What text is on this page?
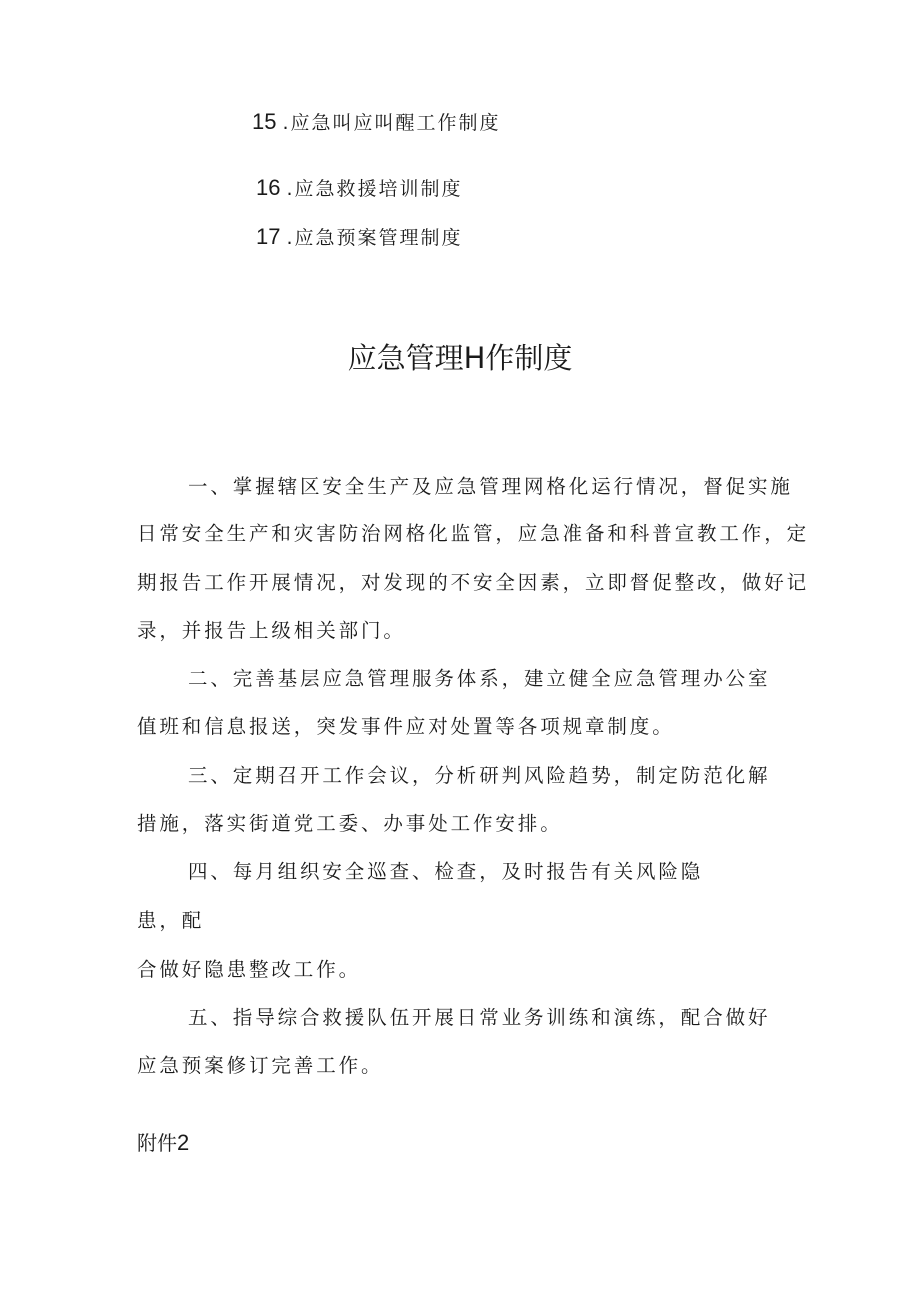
15 .应急叫应叫醒工作制度
16 .应急救援培训制度
17 .应急预案管理制度
应急管理H作制度
一、掌握辖区安全生产及应急管理网格化运行情况，督促实施
日常安全生产和灾害防治网格化监管，应急准备和科普宣教工作，定
期报告工作开展情况，对发现的不安全因素，立即督促整改，做好记
录，并报告上级相关部门。
二、完善基层应急管理服务体系，建立健全应急管理办公室
值班和信息报送，突发事件应对处置等各项规章制度。
三、定期召开工作会议，分析研判风险趋势，制定防范化解
措施，落实街道党工委、办事处工作安排。
四、每月组织安全巡查、检查，及时报告有关风险隐
患，配
合做好隐患整改工作。
五、指导综合救援队伍开展日常业务训练和演练，配合做好
应急预案修订完善工作。
附件2
